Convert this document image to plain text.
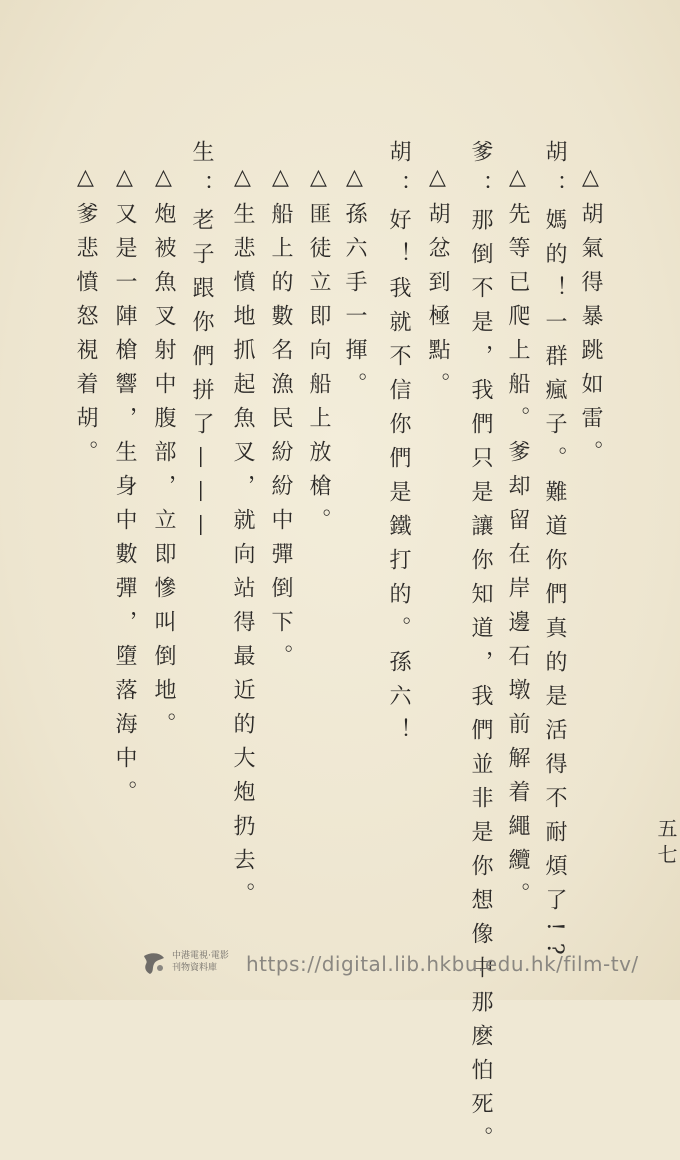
△胡氣得暴跳如雷。
胡：媽的！一群瘋子。難道你們真的是活得不耐煩了!?
△先等已爬上船。爹却留在岸邊石墩前解着繩纜。
爹：那倒不是，我們只是讓你知道，我們並非是你想像中那麽怕死。
△胡忿到極點。
胡：好！我就不信你們是鐵打的。孫六！
△孫六手一揮。
△匪徒立即向船上放槍。
△船上的數名漁民紛紛中彈倒下。
△生悲憤地抓起魚叉，就向站得最近的大炮扔去。
生：老子跟你們拼了———
△炮被魚叉射中腹部，立即慘叫倒地。
△又是一陣槍響，生身中數彈，墮落海中。
△爹悲憤怒視着胡。
五七
中港電視·電影
刊物資料庫	https://digital.lib.hkbu.edu.hk/film-tv/
